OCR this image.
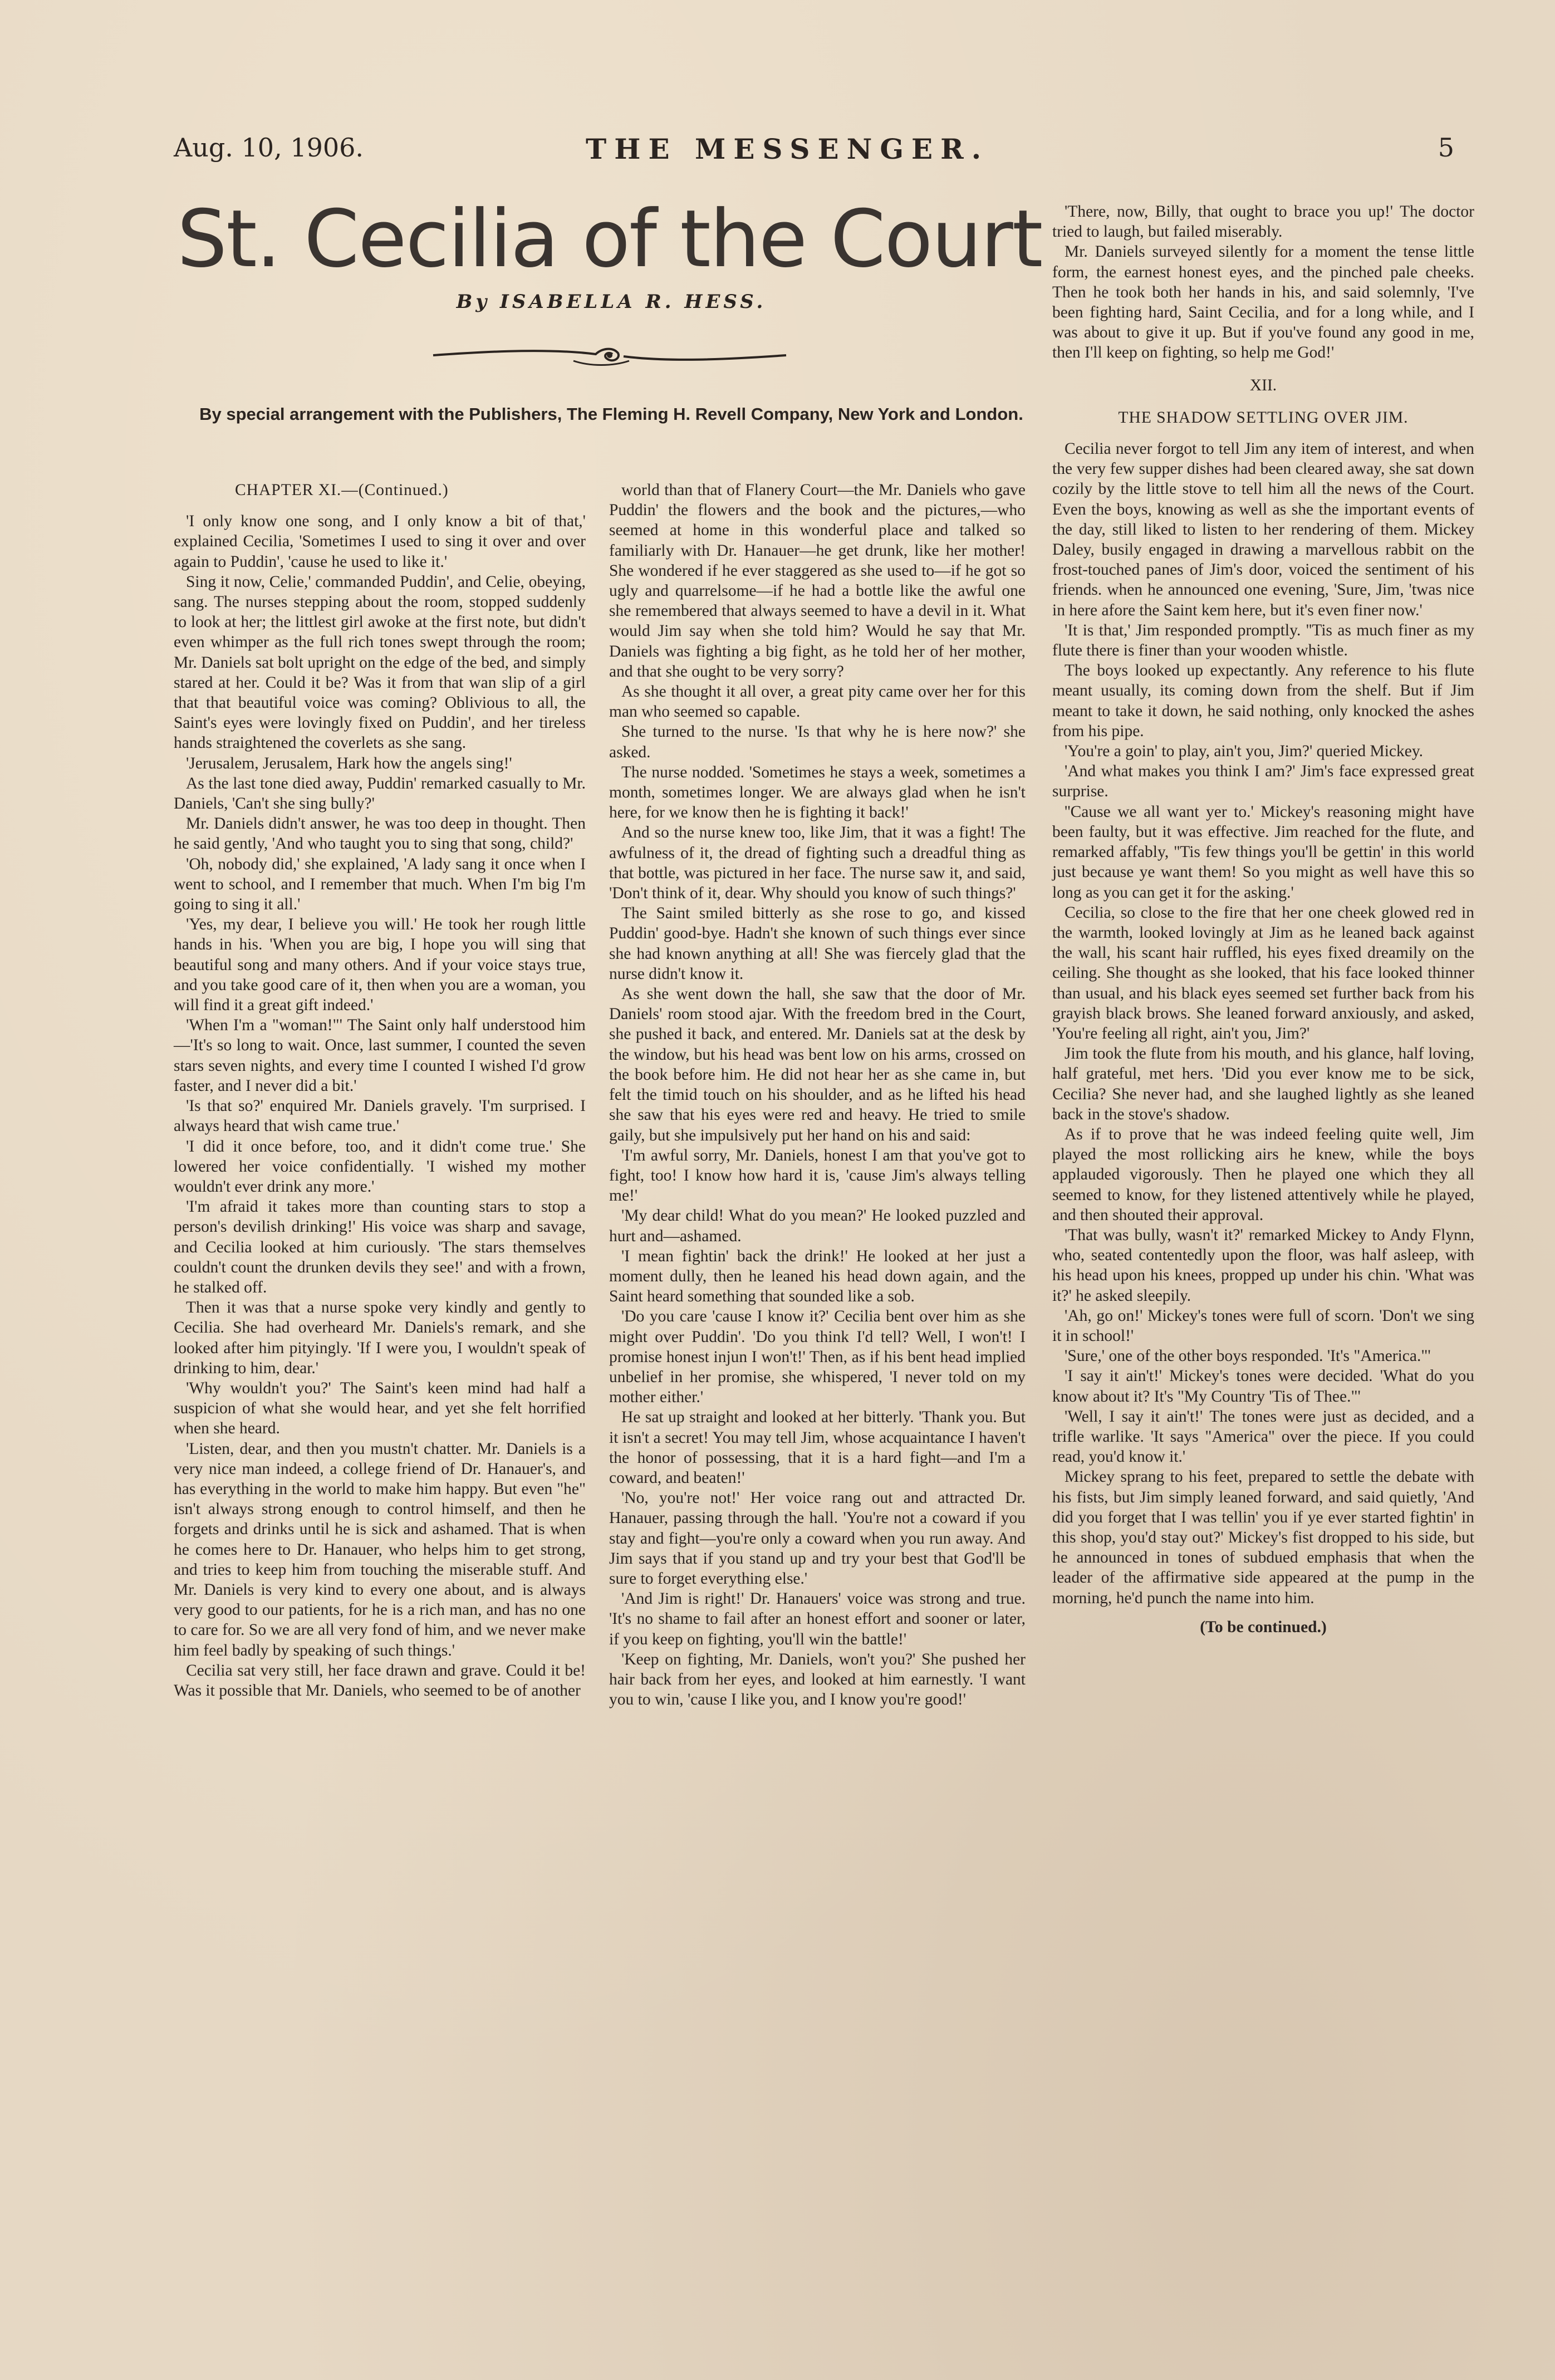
Aug. 10, 1906.	THE MESSENGER.	5
St. Cecilia of the Court
By ISABELLA R. HESS.
By special arrangement with the Publishers, The Fleming H. Revell Company, New York and London.

CHAPTER XI.—(Continued.)

'I only know one song, and I only know a bit of that,' explained Cecilia, 'Sometimes I used to sing it over and over again to Puddin', 'cause he used to like it.'

Sing it now, Celie,' commanded Puddin', and Celie, obeying, sang. The nurses stepping about the room, stopped suddenly to look at her; the littlest girl awoke at the first note, but didn't even whimper as the full rich tones swept through the room; Mr. Daniels sat bolt upright on the edge of the bed, and simply stared at her. Could it be? Was it from that wan slip of a girl that that beautiful voice was coming? Oblivious to all, the Saint's eyes were lovingly fixed on Puddin', and her tireless hands straightened the coverlets as she sang.

'Jerusalem, Jerusalem, Hark how the angels sing!'

As the last tone died away, Puddin' remarked casually to Mr. Daniels, 'Can't she sing bully?'

Mr. Daniels didn't answer, he was too deep in thought. Then he said gently, 'And who taught you to sing that song, child?'

'Oh, nobody did,' she explained, 'A lady sang it once when I went to school, and I remember that much. When I'm big I'm going to sing it all.'

'Yes, my dear, I believe you will.' He took her rough little hands in his. 'When you are big, I hope you will sing that beautiful song and many others. And if your voice stays true, and you take good care of it, then when you are a woman, you will find it a great gift indeed.'

'When I'm a "woman!"' The Saint only half understood him—'It's so long to wait. Once, last summer, I counted the seven stars seven nights, and every time I counted I wished I'd grow faster, and I never did a bit.'

'Is that so?' enquired Mr. Daniels gravely. 'I'm surprised. I always heard that wish came true.'

'I did it once before, too, and it didn't come true.' She lowered her voice confidentially. 'I wished my mother wouldn't ever drink any more.'

'I'm afraid it takes more than counting stars to stop a person's devilish drinking!' His voice was sharp and savage, and Cecilia looked at him curiously. 'The stars themselves couldn't count the drunken devils they see!' and with a frown, he stalked off.

Then it was that a nurse spoke very kindly and gently to Cecilia. She had overheard Mr. Daniels's remark, and she looked after him pityingly. 'If I were you, I wouldn't speak of drinking to him, dear.'

'Why wouldn't you?' The Saint's keen mind had half a suspicion of what she would hear, and yet she felt horrified when she heard.

'Listen, dear, and then you mustn't chatter. Mr. Daniels is a very nice man indeed, a college friend of Dr. Hanauer's, and has everything in the world to make him happy. But even "he" isn't always strong enough to control himself, and then he forgets and drinks until he is sick and ashamed. That is when he comes here to Dr. Hanauer, who helps him to get strong, and tries to keep him from touching the miserable stuff. And Mr. Daniels is very kind to every one about, and is always very good to our patients, for he is a rich man, and has no one to care for. So we are all very fond of him, and we never make him feel badly by speaking of such things.'

Cecilia sat very still, her face drawn and grave. Could it be! Was it possible that Mr. Daniels, who seemed to be of another

world than that of Flanery Court—the Mr. Daniels who gave Puddin' the flowers and the book and the pictures,—who seemed at home in this wonderful place and talked so familiarly with Dr. Hanauer—he get drunk, like her mother! She wondered if he ever staggered as she used to—if he got so ugly and quarrelsome—if he had a bottle like the awful one she remembered that always seemed to have a devil in it. What would Jim say when she told him? Would he say that Mr. Daniels was fighting a big fight, as he told her of her mother, and that she ought to be very sorry?

As she thought it all over, a great pity came over her for this man who seemed so capable.

She turned to the nurse. 'Is that why he is here now?' she asked.

The nurse nodded. 'Sometimes he stays a week, sometimes a month, sometimes longer. We are always glad when he isn't here, for we know then he is fighting it back!'

And so the nurse knew too, like Jim, that it was a fight! The awfulness of it, the dread of fighting such a dreadful thing as that bottle, was pictured in her face. The nurse saw it, and said, 'Don't think of it, dear. Why should you know of such things?'

The Saint smiled bitterly as she rose to go, and kissed Puddin' good-bye. Hadn't she known of such things ever since she had known anything at all! She was fiercely glad that the nurse didn't know it.

As she went down the hall, she saw that the door of Mr. Daniels' room stood ajar. With the freedom bred in the Court, she pushed it back, and entered. Mr. Daniels sat at the desk by the window, but his head was bent low on his arms, crossed on the book before him. He did not hear her as she came in, but felt the timid touch on his shoulder, and as he lifted his head she saw that his eyes were red and heavy. He tried to smile gaily, but she impulsively put her hand on his and said:

'I'm awful sorry, Mr. Daniels, honest I am that you've got to fight, too! I know how hard it is, 'cause Jim's always telling me!'

'My dear child! What do you mean?' He looked puzzled and hurt and—ashamed.

'I mean fightin' back the drink!' He looked at her just a moment dully, then he leaned his head down again, and the Saint heard something that sounded like a sob.

'Do you care 'cause I know it?' Cecilia bent over him as she might over Puddin'. 'Do you think I'd tell? Well, I won't! I promise honest injun I won't!' Then, as if his bent head implied unbelief in her promise, she whispered, 'I never told on my mother either.'

He sat up straight and looked at her bitterly. 'Thank you. But it isn't a secret! You may tell Jim, whose acquaintance I haven't the honor of possessing, that it is a hard fight—and I'm a coward, and beaten!'

'No, you're not!' Her voice rang out and attracted Dr. Hanauer, passing through the hall. 'You're not a coward if you stay and fight—you're only a coward when you run away. And Jim says that if you stand up and try your best that God'll be sure to forget everything else.'

'And Jim is right!' Dr. Hanauers' voice was strong and true. 'It's no shame to fail after an honest effort and sooner or later, if you keep on fighting, you'll win the battle!'

'Keep on fighting, Mr. Daniels, won't you?' She pushed her hair back from her eyes, and looked at him earnestly. 'I want you to win, 'cause I like you, and I know you're good!'

'There, now, Billy, that ought to brace you up!' The doctor tried to laugh, but failed miserably.

Mr. Daniels surveyed silently for a moment the tense little form, the earnest honest eyes, and the pinched pale cheeks. Then he took both her hands in his, and said solemnly, 'I've been fighting hard, Saint Cecilia, and for a long while, and I was about to give it up. But if you've found any good in me, then I'll keep on fighting, so help me God!'

XII.

THE SHADOW SETTLING OVER JIM.

Cecilia never forgot to tell Jim any item of interest, and when the very few supper dishes had been cleared away, she sat down cozily by the little stove to tell him all the news of the Court. Even the boys, knowing as well as she the important events of the day, still liked to listen to her rendering of them. Mickey Daley, busily engaged in drawing a marvellous rabbit on the frost-touched panes of Jim's door, voiced the sentiment of his friends. when he announced one evening, 'Sure, Jim, 'twas nice in here afore the Saint kem here, but it's even finer now.'

'It is that,' Jim responded promptly. ''Tis as much finer as my flute there is finer than your wooden whistle.

The boys looked up expectantly. Any reference to his flute meant usually, its coming down from the shelf. But if Jim meant to take it down, he said nothing, only knocked the ashes from his pipe.

'You're a goin' to play, ain't you, Jim?' queried Mickey.

'And what makes you think I am?' Jim's face expressed great surprise.

''Cause we all want yer to.' Mickey's reasoning might have been faulty, but it was effective. Jim reached for the flute, and remarked affably, ''Tis few things you'll be gettin' in this world just because ye want them! So you might as well have this so long as you can get it for the asking.'

Cecilia, so close to the fire that her one cheek glowed red in the warmth, looked lovingly at Jim as he leaned back against the wall, his scant hair ruffled, his eyes fixed dreamily on the ceiling. She thought as she looked, that his face looked thinner than usual, and his black eyes seemed set further back from his grayish black brows. She leaned forward anxiously, and asked, 'You're feeling all right, ain't you, Jim?'

Jim took the flute from his mouth, and his glance, half loving, half grateful, met hers. 'Did you ever know me to be sick, Cecilia? She never had, and she laughed lightly as she leaned back in the stove's shadow.

As if to prove that he was indeed feeling quite well, Jim played the most rollicking airs he knew, while the boys applauded vigorously. Then he played one which they all seemed to know, for they listened attentively while he played, and then shouted their approval.

'That was bully, wasn't it?' remarked Mickey to Andy Flynn, who, seated contentedly upon the floor, was half asleep, with his head upon his knees, propped up under his chin. 'What was it?' he asked sleepily.

'Ah, go on!' Mickey's tones were full of scorn. 'Don't we sing it in school!'

'Sure,' one of the other boys responded. 'It's "America."'

'I say it ain't!' Mickey's tones were decided. 'What do you know about it? It's "My Country 'Tis of Thee."'

'Well, I say it ain't!' The tones were just as decided, and a trifle warlike. 'It says "America" over the piece. If you could read, you'd know it.'

Mickey sprang to his feet, prepared to settle the debate with his fists, but Jim simply leaned forward, and said quietly, 'And did you forget that I was tellin' you if ye ever started fightin' in this shop, you'd stay out?' Mickey's fist dropped to his side, but he announced in tones of subdued emphasis that when the leader of the affirmative side appeared at the pump in the morning, he'd punch the name into him.

(To be continued.)
